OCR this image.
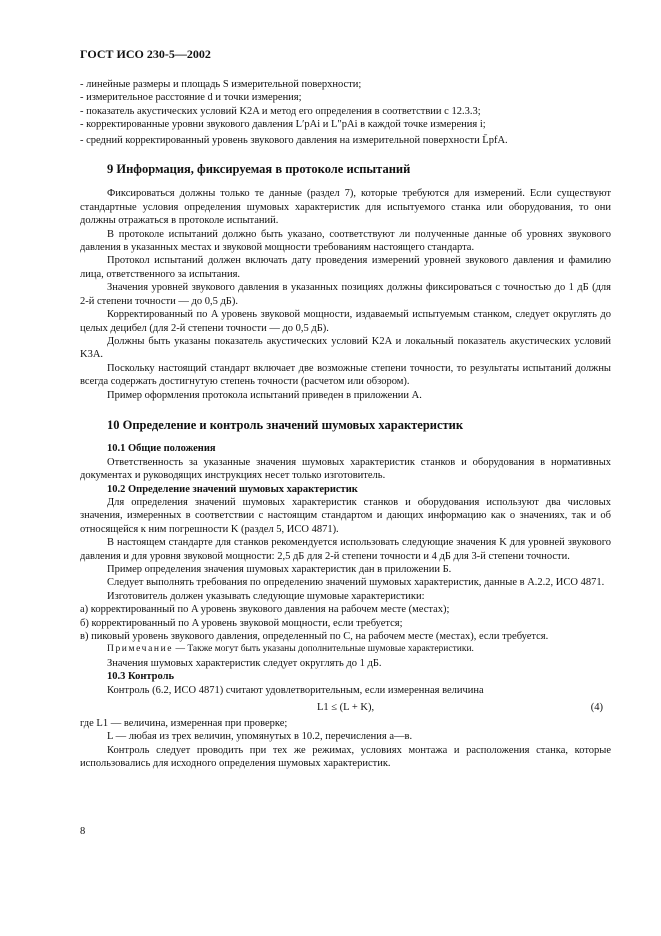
ГОСТ ИСО 230-5—2002

- линейные размеры и площадь S измерительной поверхности;

- измерительное расстояние d и точки измерения;

- показатель акустических условий K2A и метод его определения в соответствии с 12.3.3;

- корректированные уровни звукового давления L′pAi и L″pAi в каждой точке измерения i;

- средний корректированный уровень звукового давления на измерительной поверхности L̄pfA.

9 Информация, фиксируемая в протоколе испытаний

Фиксироваться должны только те данные (раздел 7), которые требуются для измерений. Если существуют стандартные условия определения шумовых характеристик для испытуемого станка или оборудования, то они должны отражаться в протоколе испытаний.

В протоколе испытаний должно быть указано, соответствуют ли полученные данные об уровнях звукового давления в указанных местах и звуковой мощности требованиям настоящего стандарта.

Протокол испытаний должен включать дату проведения измерений уровней звукового давления и фамилию лица, ответственного за испытания.

Значения уровней звукового давления в указанных позициях должны фиксироваться с точностью до 1 дБ (для 2-й степени точности — до 0,5 дБ).

Корректированный по A уровень звуковой мощности, издаваемый испытуемым станком, следует округлять до целых децибел (для 2-й степени точности — до 0,5 дБ).

Должны быть указаны показатель акустических условий K2A и локальный показатель акустических условий K3A.

Поскольку настоящий стандарт включает две возможные степени точности, то результаты испытаний должны всегда содержать достигнутую степень точности (расчетом или обзором).

Пример оформления протокола испытаний приведен в приложении А.

10 Определение и контроль значений шумовых характеристик
10.1 Общие положения

Ответственность за указанные значения шумовых характеристик станков и оборудования в нормативных документах и руководящих инструкциях несет только изготовитель.

10.2 Определение значений шумовых характеристик

Для определения значений шумовых характеристик станков и оборудования используют два числовых значения, измеренных в соответствии с настоящим стандартом и дающих информацию как о значениях, так и об относящейся к ним погрешности K (раздел 5, ИСО 4871).

В настоящем стандарте для станков рекомендуется использовать следующие значения K для уровней звукового давления и для уровня звуковой мощности: 2,5 дБ для 2-й степени точности и 4 дБ для 3-й степени точности.

Пример определения значения шумовых характеристик дан в приложении Б.

Следует выполнять требования по определению значений шумовых характеристик, данные в А.2.2, ИСО 4871.

Изготовитель должен указывать следующие шумовые характеристики:

а) корректированный по A уровень звукового давления на рабочем месте (местах);

б) корректированный по A уровень звуковой мощности, если требуется;

в) пиковый уровень звукового давления, определенный по C, на рабочем месте (местах), если требуется.

Примечание — Также могут быть указаны дополнительные шумовые характеристики.

Значения шумовых характеристик следует округлять до 1 дБ.

10.3 Контроль

Контроль (6.2, ИСО 4871) считают удовлетворительным, если измеренная величина

L1 ≤ (L + K),	(4)

где L1 — величина, измеренная при проверке;

L — любая из трех величин, упомянутых в 10.2, перечисления а—в.

Контроль следует проводить при тех же режимах, условиях монтажа и расположения станка, которые использовались для исходного определения шумовых характеристик.

8
